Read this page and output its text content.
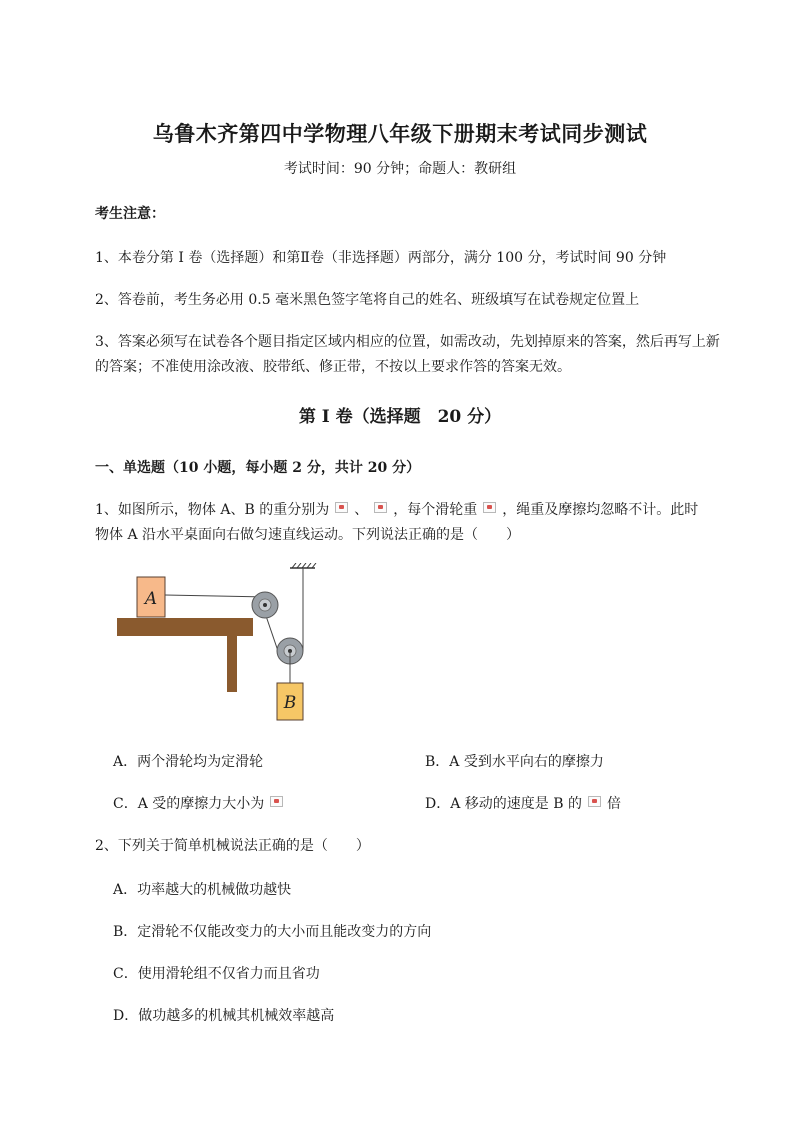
乌鲁木齐第四中学物理八年级下册期末考试同步测试
考试时间：90 分钟；命题人：教研组
考生注意：
1、本卷分第 I 卷（选择题）和第Ⅱ卷（非选择题）两部分，满分 100 分，考试时间 90 分钟
2、答卷前，考生务必用 0.5 毫米黑色签字笔将自己的姓名、班级填写在试卷规定位置上
3、答案必须写在试卷各个题目指定区域内相应的位置，如需改动，先划掉原来的答案，然后再写上新
的答案；不准使用涂改液、胶带纸、修正带，不按以上要求作答的答案无效。
第 I 卷（选择题　20 分）
一、单选题（10 小题，每小题 2 分，共计 20 分）
1、如图所示，物体 A、B 的重分别为 、 ，每个滑轮重 ，绳重及摩擦均忽略不计。此时
物体 A 沿水平桌面向右做匀速直线运动。下列说法正确的是（　　）
A
B
A．两个滑轮均为定滑轮	B．A 受到水平向右的摩擦力
C．A 受的摩擦力大小为	D．A 移动的速度是 B 的 倍
2、下列关于简单机械说法正确的是（　　）
A．功率越大的机械做功越快
B．定滑轮不仅能改变力的大小而且能改变力的方向
C．使用滑轮组不仅省力而且省功
D．做功越多的机械其机械效率越高
